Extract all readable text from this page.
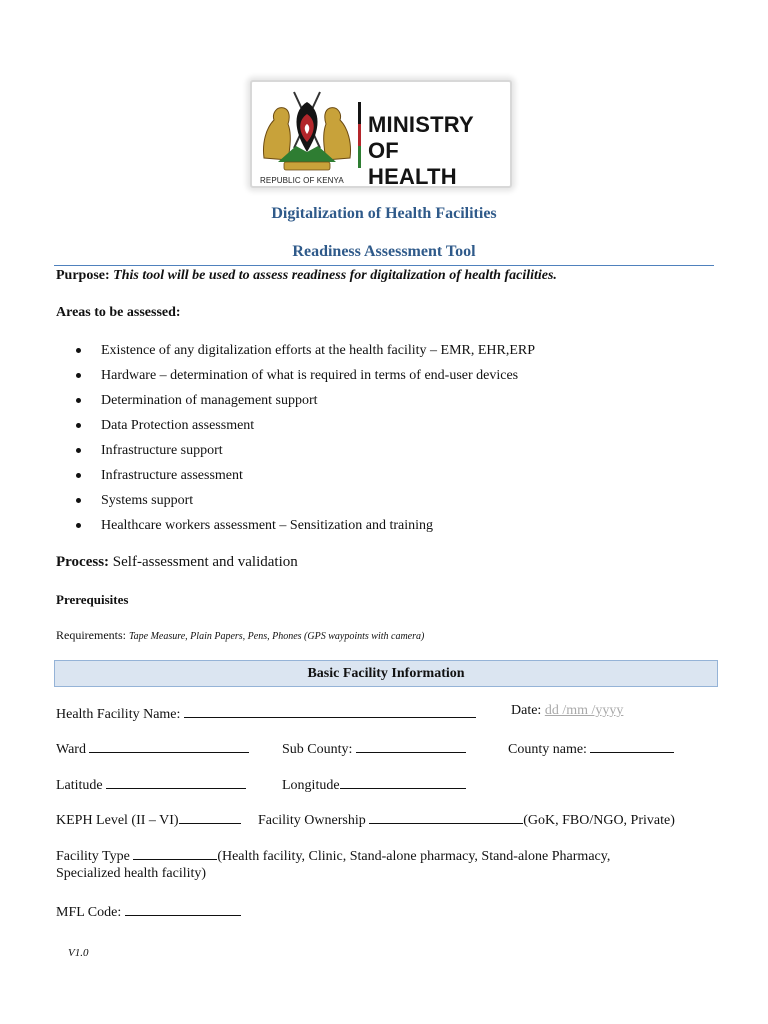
MINISTRY OF
HEALTH
REPUBLIC OF KENYA
Digitalization of Health Facilities
Readiness Assessment Tool
Purpose: This tool will be used to assess readiness for digitalization of health facilities.
Areas to be assessed:
Existence of any digitalization efforts at the health facility – EMR, EHR,ERP
Hardware – determination of what is required in terms of end-user devices
Determination of management support
Data Protection assessment
Infrastructure support
Infrastructure assessment
Systems support
Healthcare workers assessment – Sensitization and training
Process: Self-assessment and validation
Prerequisites
Requirements: Tape Measure, Plain Papers, Pens, Phones (GPS waypoints with camera)
Basic Facility Information
Health Facility Name:	Date: dd /mm /yyyy
Ward	Sub County:	County name:
Latitude	Longitude
KEPH Level (II – VI)	Facility Ownership	(GoK, FBO/NGO, Private)
Facility Type	(Health facility, Clinic, Stand-alone pharmacy, Stand-alone Pharmacy,
Specialized health facility)
MFL Code:
V1.0
